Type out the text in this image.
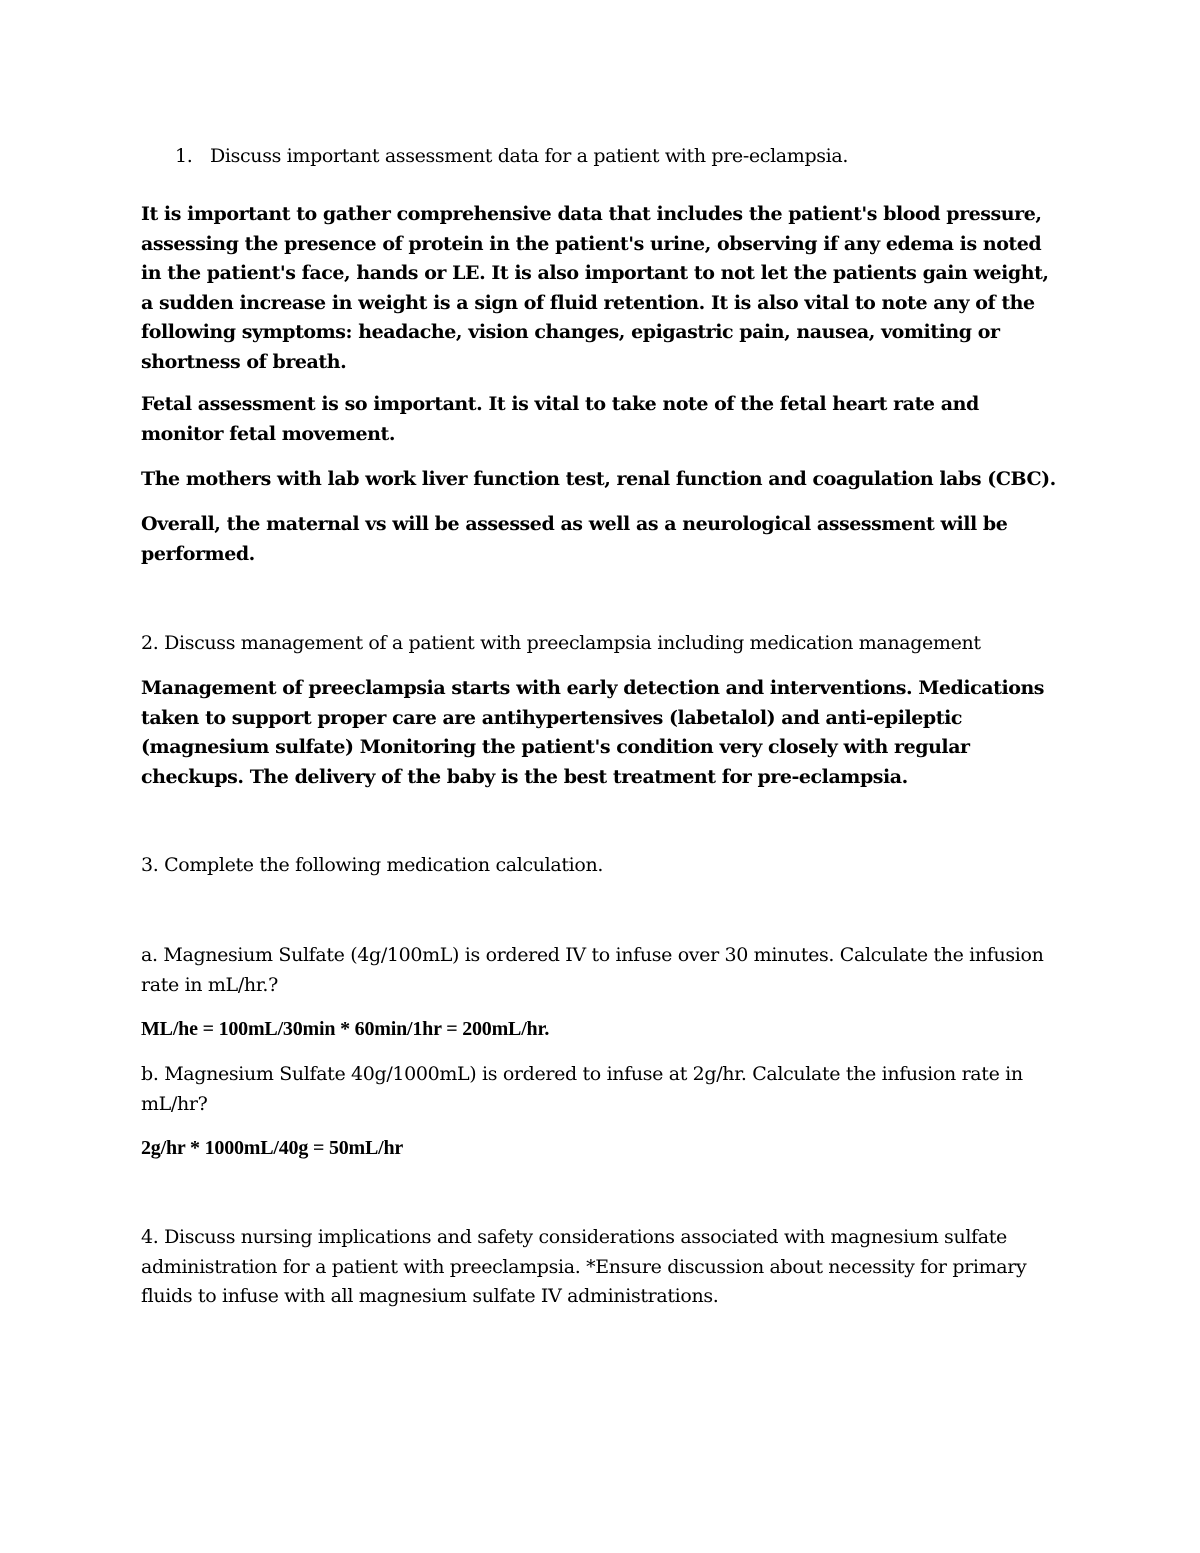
1. Discuss important assessment data for a patient with pre-eclampsia.

It is important to gather comprehensive data that includes the patient's blood pressure, assessing the presence of protein in the patient's urine, observing if any edema is noted in the patient's face, hands or LE. It is also important to not let the patients gain weight, a sudden increase in weight is a sign of fluid retention. It is also vital to note any of the following symptoms: headache, vision changes, epigastric pain, nausea, vomiting or shortness of breath.

Fetal assessment is so important. It is vital to take note of the fetal heart rate and monitor fetal movement.

The mothers with lab work liver function test, renal function and coagulation labs (CBC).

Overall, the maternal vs will be assessed as well as a neurological assessment will be performed.

2. Discuss management of a patient with preeclampsia including medication management

Management of preeclampsia starts with early detection and interventions. Medications taken to support proper care are antihypertensives (labetalol) and anti-epileptic (magnesium sulfate) Monitoring the patient's condition very closely with regular checkups. The delivery of the baby is the best treatment for pre-eclampsia.

3. Complete the following medication calculation.

a. Magnesium Sulfate (4g/100mL) is ordered IV to infuse over 30 minutes. Calculate the infusion rate in mL/hr.?

ML/he = 100mL/30min * 60min/1hr = 200mL/hr.

b. Magnesium Sulfate 40g/1000mL) is ordered to infuse at 2g/hr. Calculate the infusion rate in mL/hr?

2g/hr * 1000mL/40g = 50mL/hr

4. Discuss nursing implications and safety considerations associated with magnesium sulfate administration for a patient with preeclampsia. *Ensure discussion about necessity for primary fluids to infuse with all magnesium sulfate IV administrations.
